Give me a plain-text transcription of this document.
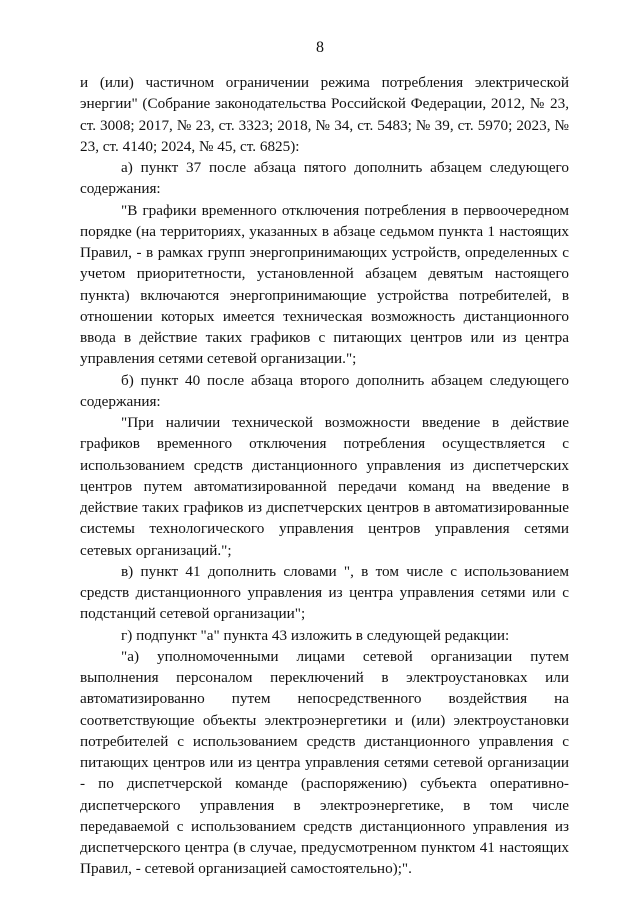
8

и (или) частичном ограничении режима потребления электрической энергии" (Собрание законодательства Российской Федерации, 2012, № 23, ст. 3008; 2017, № 23, ст. 3323; 2018, № 34, ст. 5483; № 39, ст. 5970; 2023, № 23, ст. 4140; 2024, № 45, ст. 6825):

а) пункт 37 после абзаца пятого дополнить абзацем следующего содержания:

"В графики временного отключения потребления в первоочередном порядке (на территориях, указанных в абзаце седьмом пункта 1 настоящих Правил, - в рамках групп энергопринимающих устройств, определенных с учетом приоритетности, установленной абзацем девятым настоящего пункта) включаются энергопринимающие устройства потребителей, в отношении которых имеется техническая возможность дистанционного ввода в действие таких графиков с питающих центров или из центра управления сетями сетевой организации.";

б) пункт 40 после абзаца второго дополнить абзацем следующего содержания:

"При наличии технической возможности введение в действие графиков временного отключения потребления осуществляется с использованием средств дистанционного управления из диспетчерских центров путем автоматизированной передачи команд на введение в действие таких графиков из диспетчерских центров в автоматизированные системы технологического управления центров управления сетями сетевых организаций.";

в) пункт 41 дополнить словами ", в том числе с использованием средств дистанционного управления из центра управления сетями или с подстанций сетевой организации";

г) подпункт "а" пункта 43 изложить в следующей редакции:

"а) уполномоченными лицами сетевой организации путем выполнения персоналом переключений в электроустановках или автоматизированно путем непосредственного воздействия на соответствующие объекты электроэнергетики и (или) электроустановки потребителей с использованием средств дистанционного управления с питающих центров или из центра управления сетями сетевой организации - по диспетчерской команде (распоряжению) субъекта оперативно-диспетчерского управления в электроэнергетике, в том числе передаваемой с использованием средств дистанционного управления из диспетчерского центра (в случае, предусмотренном пунктом 41 настоящих Правил, - сетевой организацией самостоятельно);".
